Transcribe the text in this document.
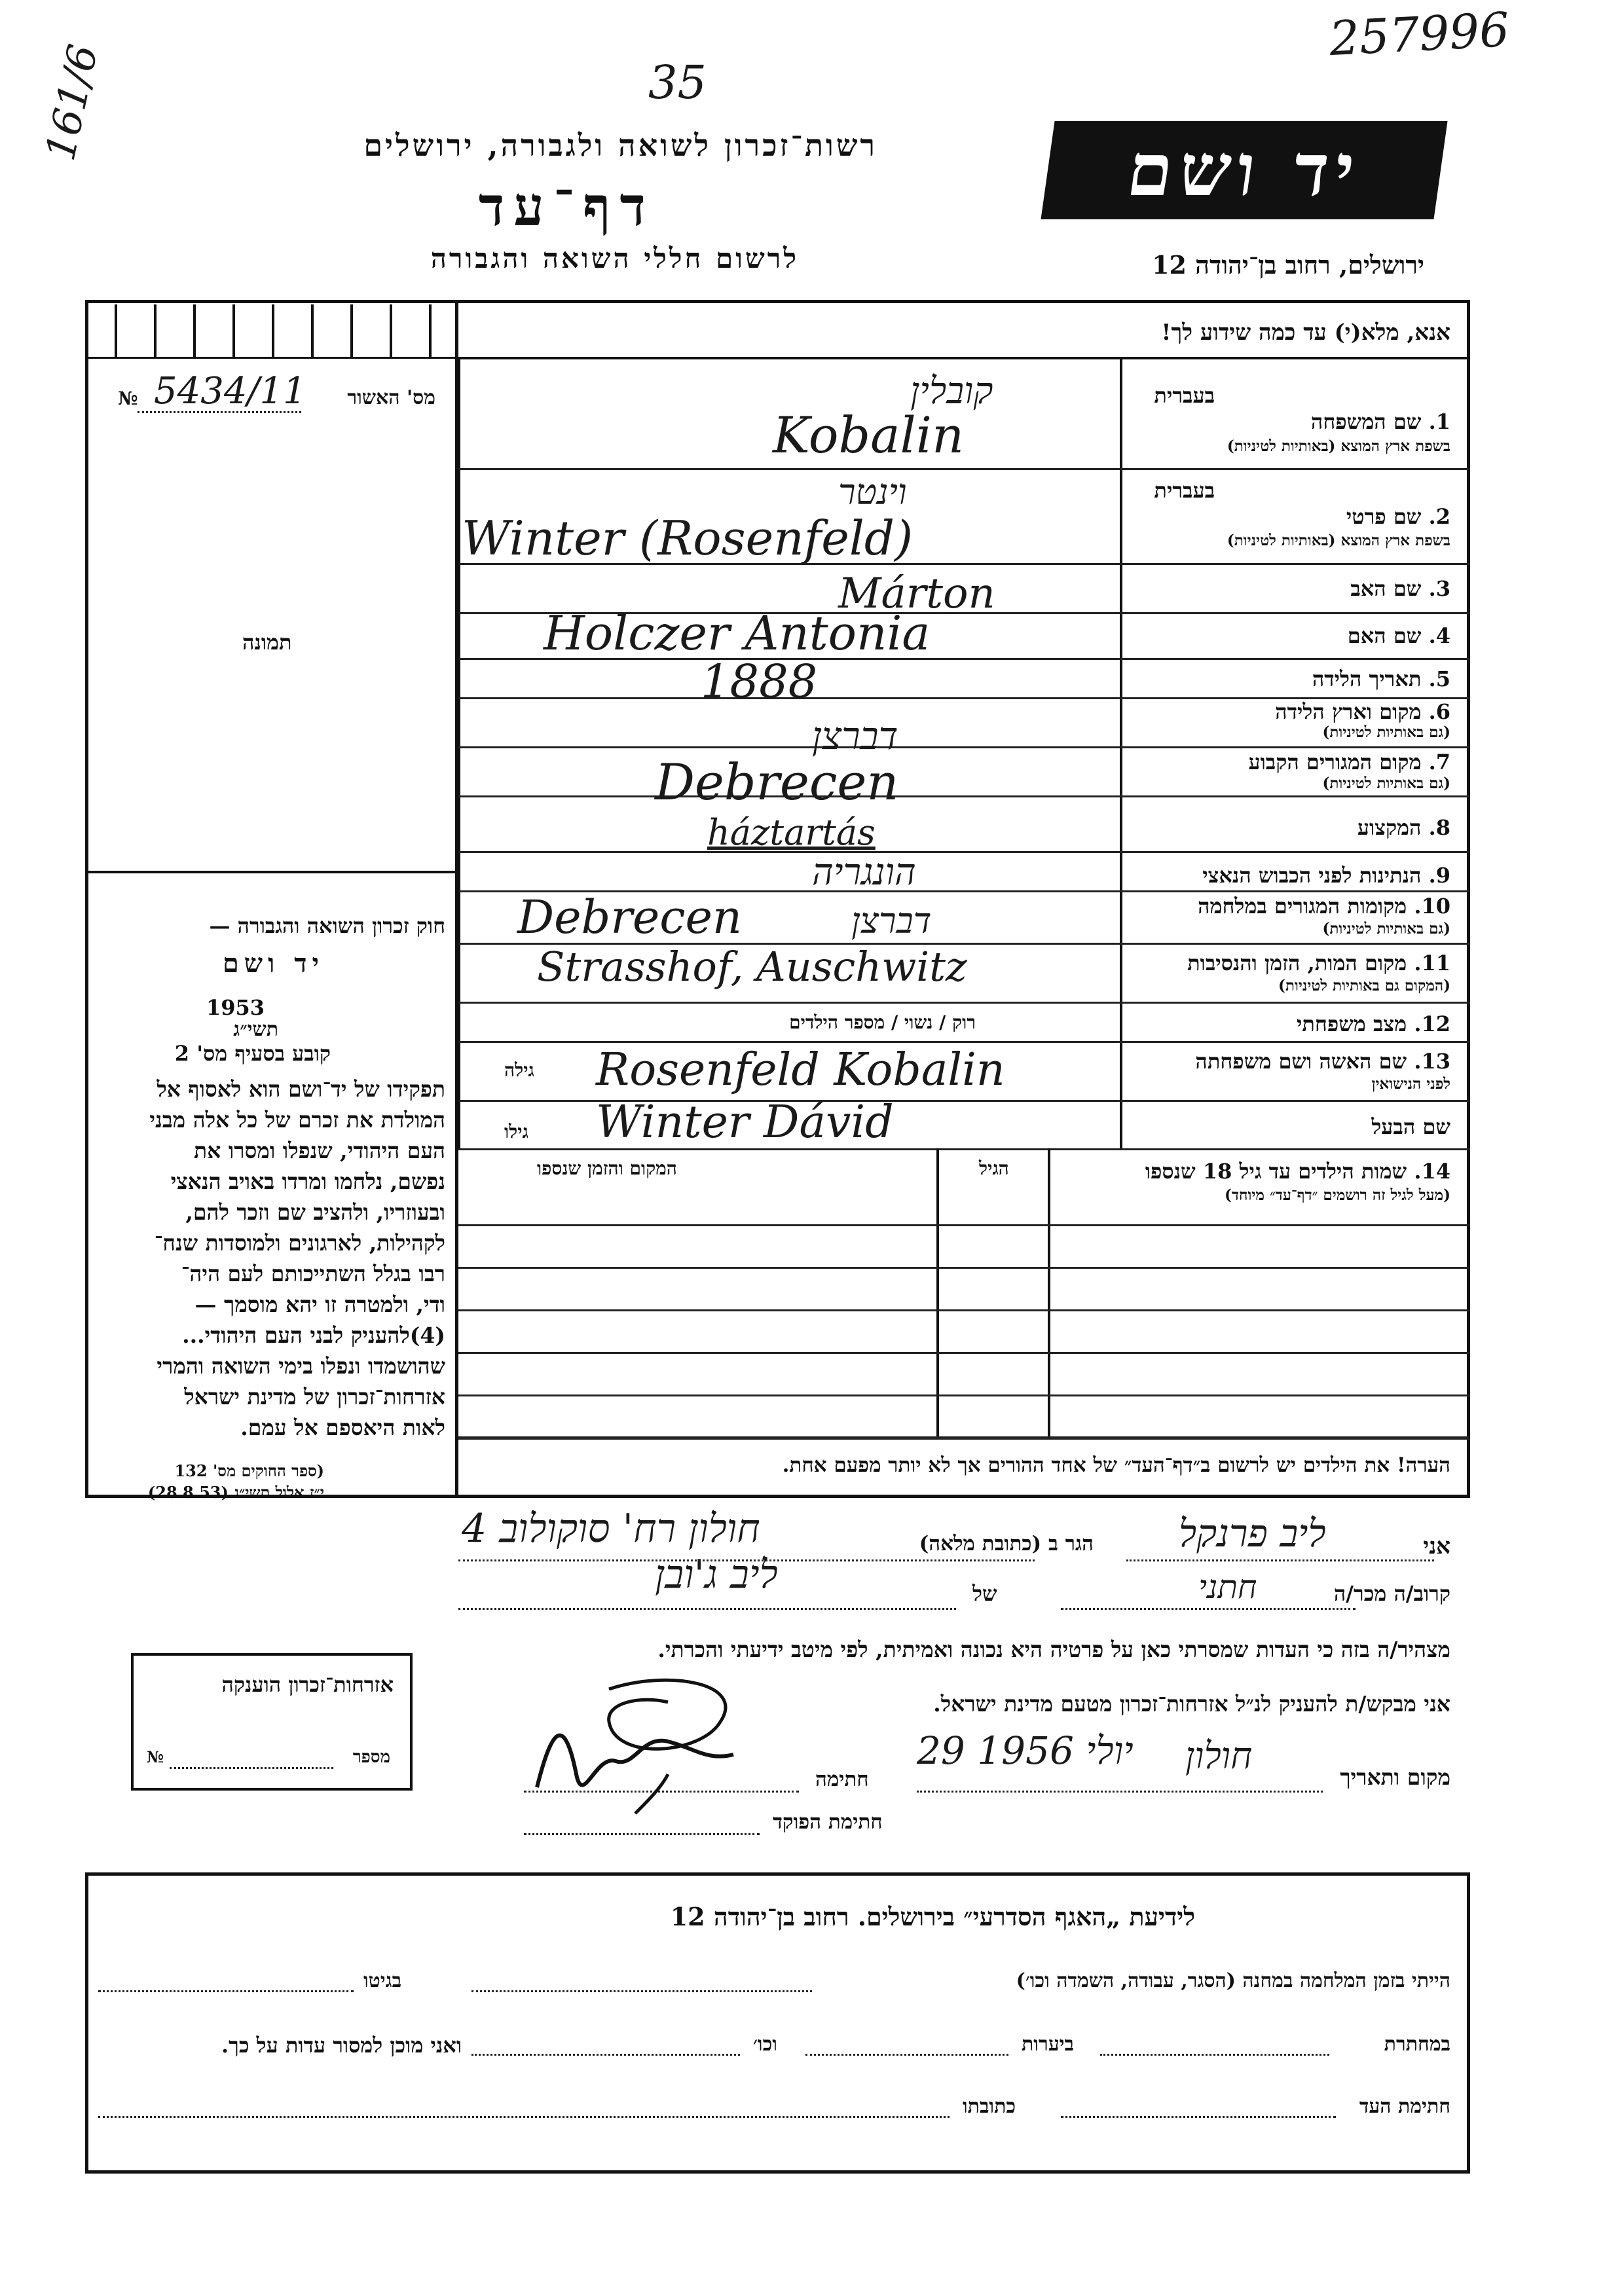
257996
35
161/6	רשות־זכרון לשואה ולגבורה, ירושלים
דף־עד
לרשום חללי השואה והגבורה
יד ושם
ירושלים, רחוב בן־יהודה 12
מס' האשור
№ 5434/11
תמונה
חוק זכרון השואה והגבורה —
יד ושם
1953
תשי״ג
קובע בסעיף מס' 2
תפקידו של יד־ושם הוא לאסוף אל
המולדת את זכרם של כל אלה מבני
העם היהודי, שנפלו ומסרו את
נפשם, נלחמו ומרדו באויב הנאצי
ובעוזריו, ולהציב שם וזכר להם,
לקהילות, לארגונים ולמוסדות שנח־
רבו בגלל השתייכותם לעם היה־
ודי, ולמטרה זו יהא מוסמך —
(4)להעניק לבני העם היהודי...
שהושמדו ונפלו בימי השואה והמרי
אזרחות־זכרון של מדינת ישראל
לאות היאספם אל עמם.
(ספר החוקים מס' 132
י״ז אלול תשי״ג (28.8.53)
אנא, מלא(י) עד כמה שידוע לך!
בעברית
1. שם המשפחה
בשפת ארץ המוצא (באותיות לטיניות)
קובלין
Kobalin
בעברית
2. שם פרטי
בשפת ארץ המוצא (באותיות לטיניות)
וינטר
Winter (Rosenfeld)
3. שם האב
Márton
4. שם האם
Holczer Antonia
5. תאריך הלידה
1888
6. מקום וארץ הלידה
(גם באותיות לטיניות)
דברצן
7. מקום המגורים הקבוע
(גם באותיות לטיניות)
Debrecen
8. המקצוע
háztartás
9. הנתינות לפני הכבוש הנאצי
הונגריה
10. מקומות המגורים במלחמה
(גם באותיות לטיניות)
Debrecen	דברצן
11. מקום המות, הזמן והנסיבות
(המקום גם באותיות לטיניות)
Strasshof, Auschwitz
12. מצב משפחתי
רוק / נשוי / מספר הילדים
13. שם האשה ושם משפחתה
לפני הנישואין
גילה Rosenfeld Kobalin
שם הבעל
גילו Winter Dávid
14. שמות הילדים עד גיל 18 שנספו
(מעל לגיל זה רושמים ״דף־עד״ מיוחד)
הגיל
המקום והזמן שנספו
הערה! את הילדים יש לרשום ב״דף־העד״ של אחד ההורים אך לא יותר מפעם אחת.
אני
ליב פרנקל
הגר ב (כתובת מלאה)
חולון רח' סוקולוב 4
קרוב/ה מכר/ה
חתני
של
ליב ג'ובן
מצהיר/ה בזה כי העדות שמסרתי כאן על פרטיה היא נכונה ואמיתית, לפי מיטב ידיעתי והכרתי.
אני מבקש/ת להעניק לנ״ל אזרחות־זכרון מטעם מדינת ישראל.
מקום ותאריך
חולון
29 יולי 1956
חתימה
חתימת הפוקד
אזרחות־זכרון הוענקה
מספר
№
לידיעת „האגף הסדרעי״ בירושלים. רחוב בן־יהודה 12
הייתי בזמן המלחמה במחנה (הסגר, עבודה, השמדה וכו׳)
בגיטו
במחתרת
ביערות
וכו׳
ואני מוכן למסור עדות על כך.
חתימת העד
כתובתו
